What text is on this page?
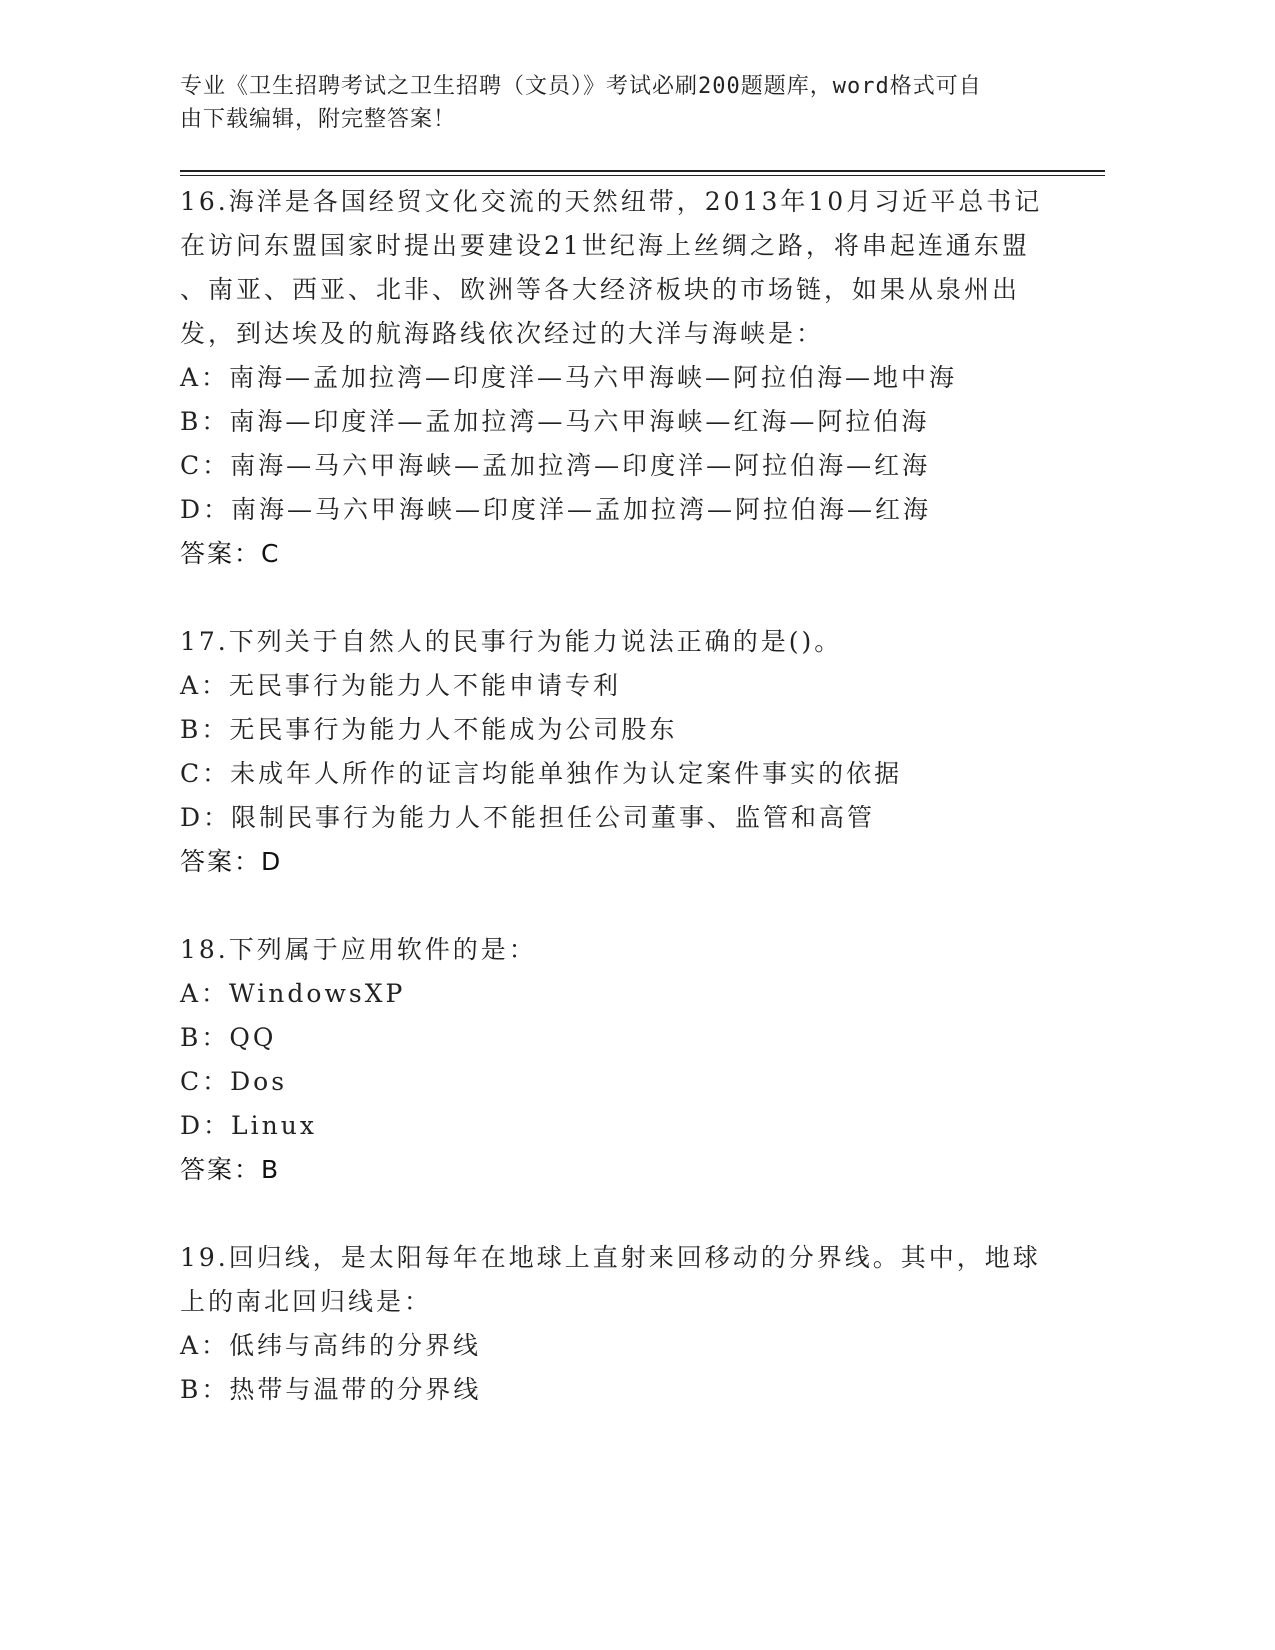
专业《卫生招聘考试之卫生招聘（文员）》考试必刷200题题库，word格式可自
由下载编辑，附完整答案！
16.海洋是各国经贸文化交流的天然纽带，2013年10月习近平总书记
在访问东盟国家时提出要建设21世纪海上丝绸之路，将串起连通东盟
、南亚、西亚、北非、欧洲等各大经济板块的市场链，如果从泉州出
发，到达埃及的航海路线依次经过的大洋与海峡是：
A：南海—孟加拉湾—印度洋—马六甲海峡—阿拉伯海—地中海
B：南海—印度洋—孟加拉湾—马六甲海峡—红海—阿拉伯海
C：南海—马六甲海峡—孟加拉湾—印度洋—阿拉伯海—红海
D：南海—马六甲海峡—印度洋—孟加拉湾—阿拉伯海—红海
答案：C
17.下列关于自然人的民事行为能力说法正确的是()。
A：无民事行为能力人不能申请专利
B：无民事行为能力人不能成为公司股东
C：未成年人所作的证言均能单独作为认定案件事实的依据
D：限制民事行为能力人不能担任公司董事、监管和高管
答案：D
18.下列属于应用软件的是：
A：WindowsXP
B：QQ
C：Dos
D：Linux
答案：B
19.回归线，是太阳每年在地球上直射来回移动的分界线。其中，地球
上的南北回归线是：
A：低纬与高纬的分界线
B：热带与温带的分界线
